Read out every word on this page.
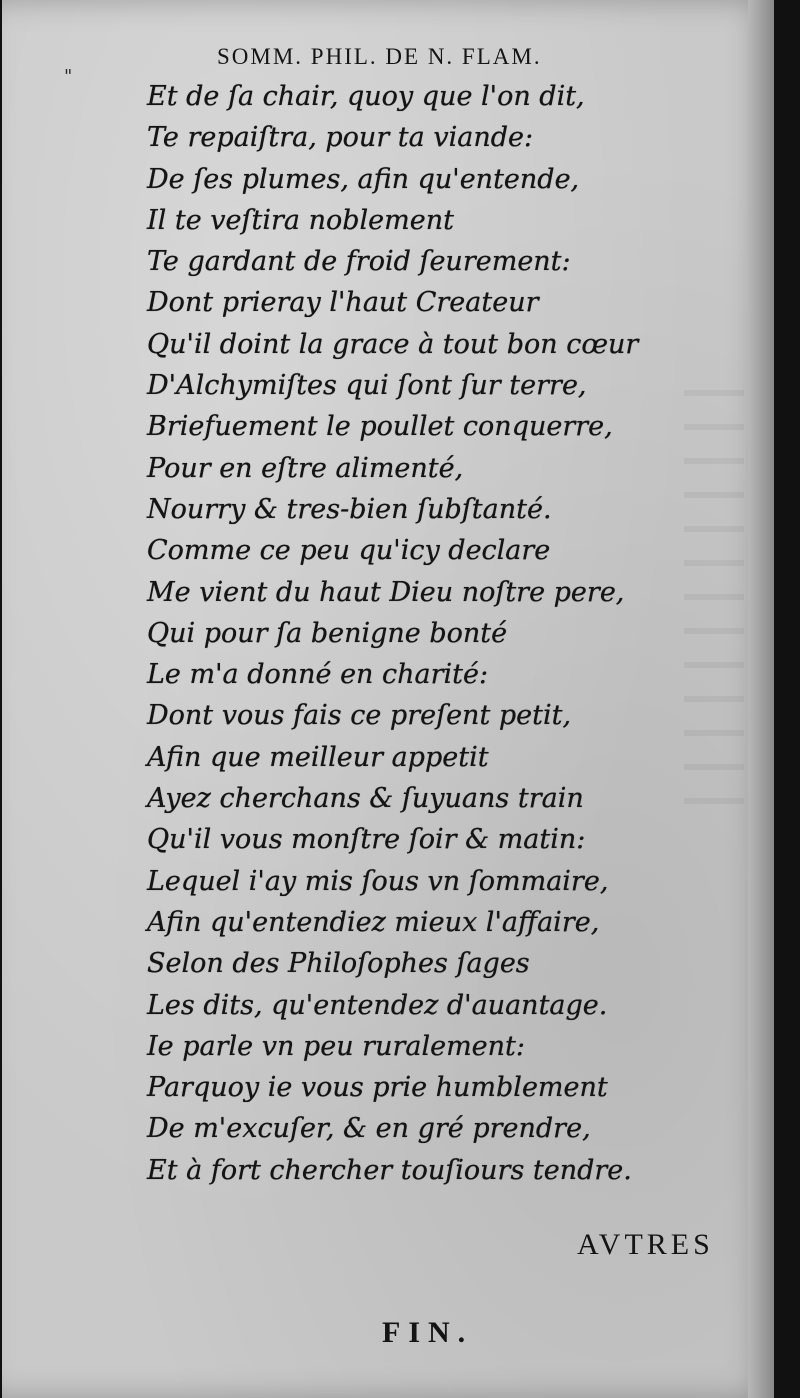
"
SOMM. PHIL. DE N. FLAM.
Et de ſa chair, quoy que l'on dit,
Te repaiſtra, pour ta viande:
De ſes plumes, afin qu'entende,
Il te veſtira noblement
Te gardant de froid ſeurement:
Dont prieray l'haut Createur
Qu'il doint la grace à tout bon cœur
D'Alchymiſtes qui ſont ſur terre,
Briefuement le poullet conquerre,
Pour en eſtre alimenté,
Nourry & tres-bien ſubſtanté.
Comme ce peu qu'icy declare
Me vient du haut Dieu noſtre pere,
Qui pour ſa benigne bonté
Le m'a donné en charité:
Dont vous fais ce preſent petit,
Afin que meilleur appetit
Ayez cherchans & ſuyuans train
Qu'il vous monſtre ſoir & matin:
Lequel i'ay mis ſous vn ſommaire,
Afin qu'entendiez mieux l'affaire,
Selon des Philoſophes ſages
Les dits, qu'entendez d'auantage.
Ie parle vn peu ruralement:
Parquoy ie vous prie humblement
De m'excuſer, & en gré prendre,
Et à fort chercher touſiours tendre.
AVTRES
FIN.
